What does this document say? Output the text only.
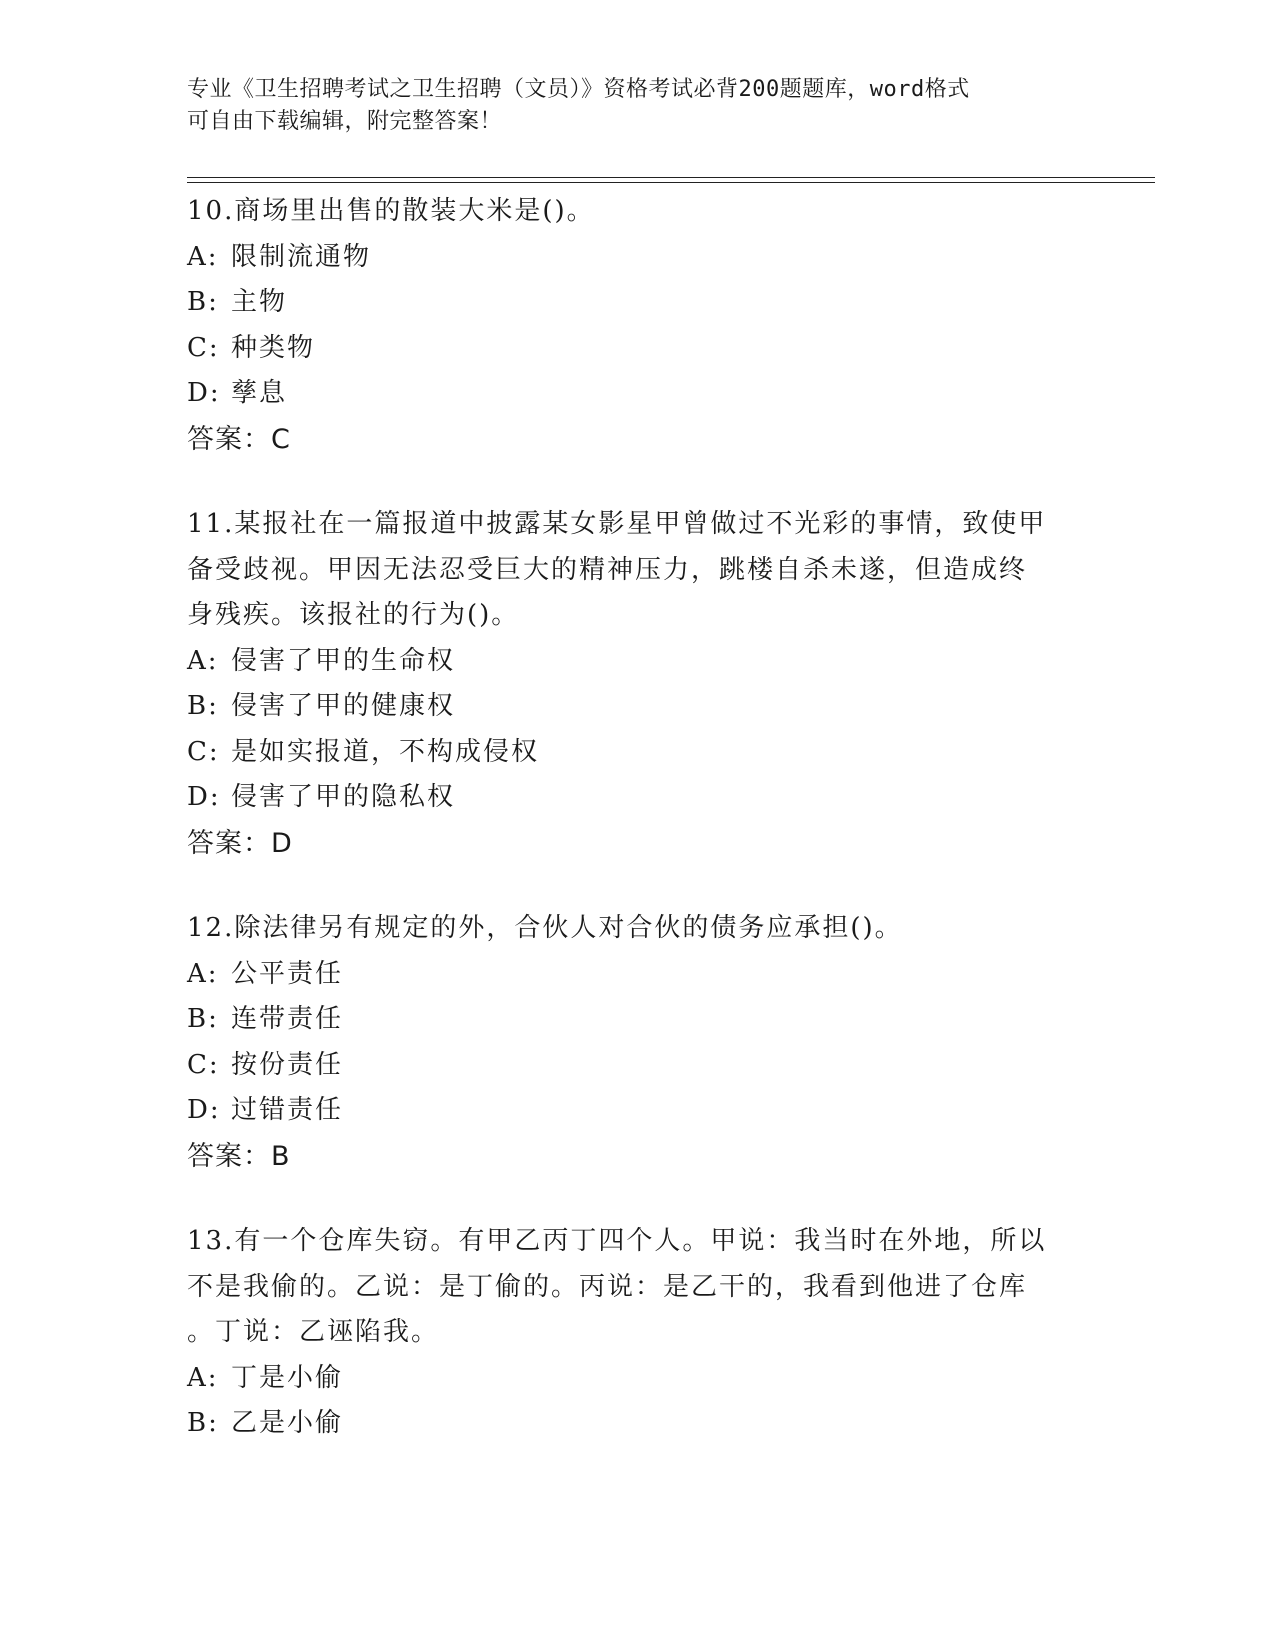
专业《卫生招聘考试之卫生招聘（文员）》资格考试必背200题题库，word格式
可自由下载编辑，附完整答案！
10.商场里出售的散装大米是()。
A: 限制流通物
B: 主物
C: 种类物
D: 孳息
答案：C
11.某报社在一篇报道中披露某女影星甲曾做过不光彩的事情，致使甲
备受歧视。甲因无法忍受巨大的精神压力，跳楼自杀未遂，但造成终
身残疾。该报社的行为()。
A: 侵害了甲的生命权
B: 侵害了甲的健康权
C: 是如实报道，不构成侵权
D: 侵害了甲的隐私权
答案：D
12.除法律另有规定的外，合伙人对合伙的债务应承担()。
A: 公平责任
B: 连带责任
C: 按份责任
D: 过错责任
答案：B
13.有一个仓库失窃。有甲乙丙丁四个人。甲说：我当时在外地，所以
不是我偷的。乙说：是丁偷的。丙说：是乙干的，我看到他进了仓库
。丁说：乙诬陷我。
A: 丁是小偷
B: 乙是小偷
